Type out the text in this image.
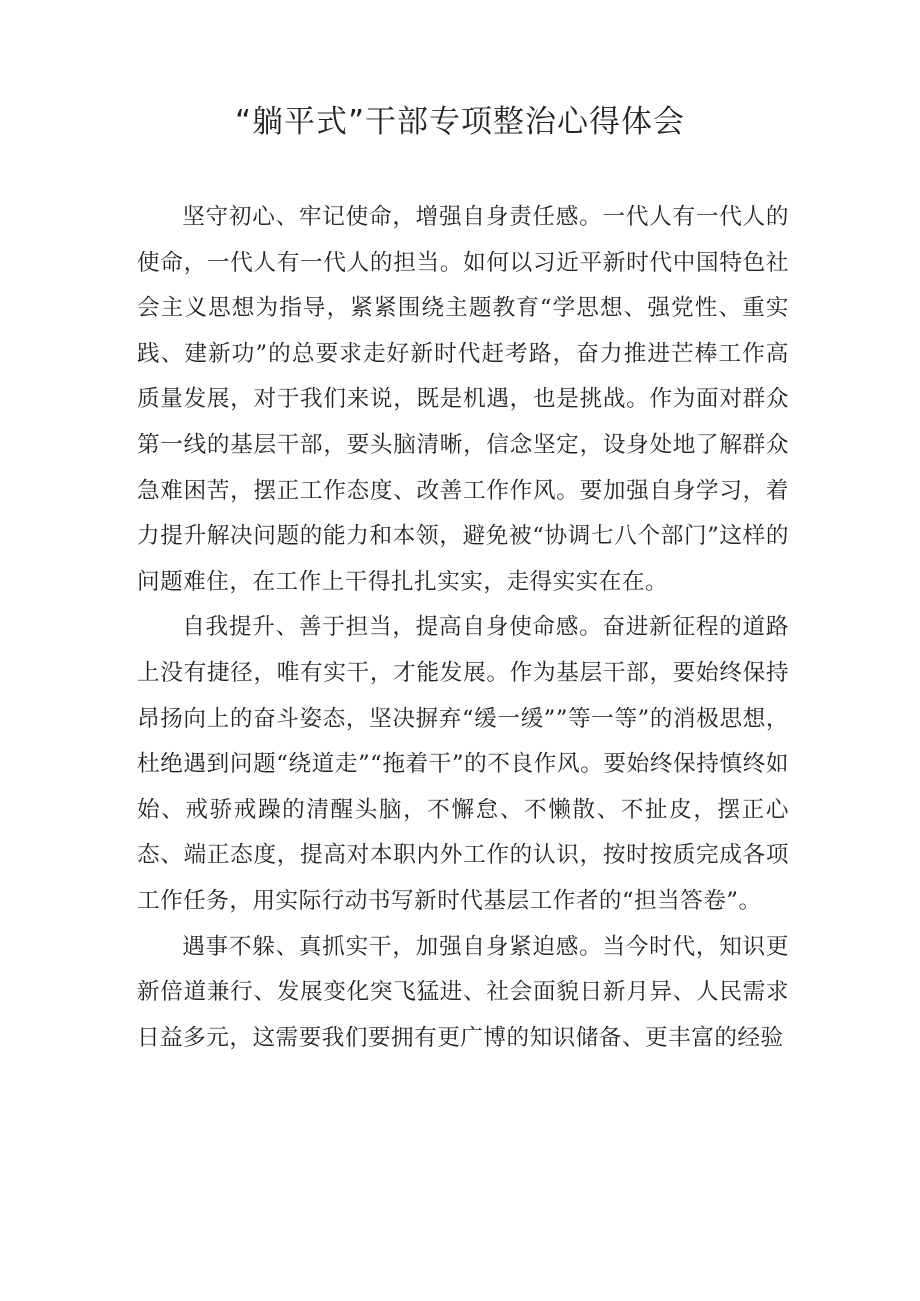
“躺平式”干部专项整治心得体会

坚守初心、牢记使命，增强自身责任感。一代人有一代人的使命，一代人有一代人的担当。如何以习近平新时代中国特色社会主义思想为指导，紧紧围绕主题教育“学思想、强党性、重实践、建新功”的总要求走好新时代赶考路，奋力推进芒棒工作高质量发展，对于我们来说，既是机遇，也是挑战。作为面对群众第一线的基层干部，要头脑清晰，信念坚定，设身处地了解群众急难困苦，摆正工作态度、改善工作作风。要加强自身学习，着力提升解决问题的能力和本领，避免被“协调七八个部门”这样的问题难住，在工作上干得扎扎实实，走得实实在在。

自我提升、善于担当，提高自身使命感。奋进新征程的道路上没有捷径，唯有实干，才能发展。作为基层干部，要始终保持昂扬向上的奋斗姿态，坚决摒弃“缓一缓””等一等”的消极思想，杜绝遇到问题“绕道走”“拖着干”的不良作风。要始终保持慎终如始、戒骄戒躁的清醒头脑，不懈怠、不懒散、不扯皮，摆正心态、端正态度，提高对本职内外工作的认识，按时按质完成各项工作任务，用实际行动书写新时代基层工作者的“担当答卷”。

遇事不躲、真抓实干，加强自身紧迫感。当今时代，知识更新倍道兼行、发展变化突飞猛进、社会面貌日新月异、人民需求日益多元，这需要我们要拥有更广博的知识储备、更丰富的经验
